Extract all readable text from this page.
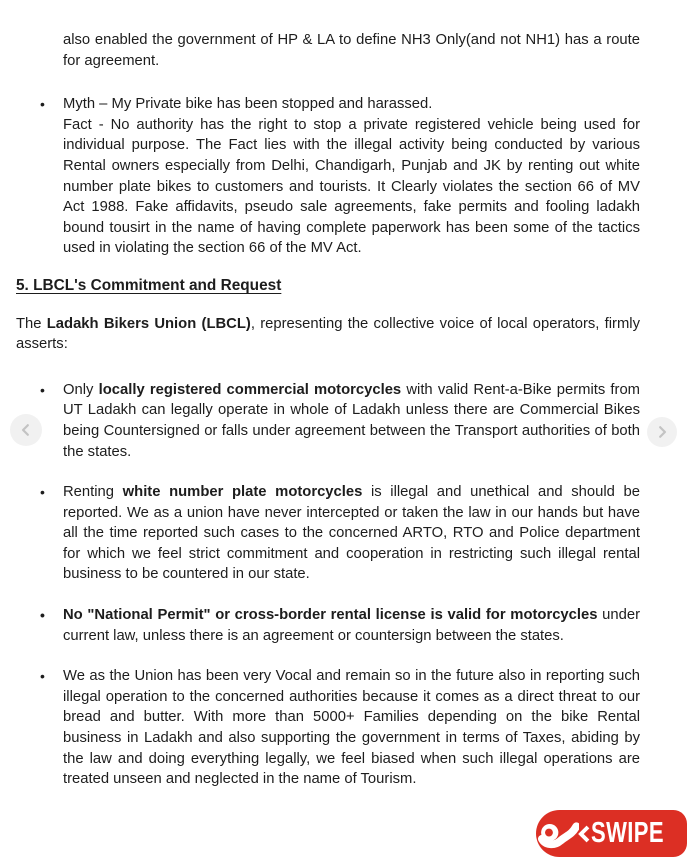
also enabled the government of HP & LA to define NH3 Only(and not NH1) has a route for agreement.

• Myth – My Private bike has been stopped and harassed.
Fact - No authority has the right to stop a private registered vehicle being used for individual purpose. The Fact lies with the illegal activity being conducted by various Rental owners especially from Delhi, Chandigarh, Punjab and JK by renting out white number plate bikes to customers and tourists. It Clearly violates the section 66 of MV Act 1988. Fake affidavits, pseudo sale agreements, fake permits and fooling ladakh bound tousirt in the name of having complete paperwork has been some of the tactics used in violating the section 66 of the MV Act.
5. LBCL's Commitment and Request

The Ladakh Bikers Union (LBCL), representing the collective voice of local operators, firmly asserts:

• Only locally registered commercial motorcycles with valid Rent-a-Bike permits from UT Ladakh can legally operate in whole of Ladakh unless there are Commercial Bikes being Countersigned or falls under agreement between the Transport authorities of both the states.
• Renting white number plate motorcycles is illegal and unethical and should be reported. We as a union have never intercepted or taken the law in our hands but have all the time reported such cases to the concerned ARTO, RTO and Police department for which we feel strict commitment and cooperation in restricting such illegal rental business to be countered in our state.
• No "National Permit" or cross-border rental license is valid for motorcycles under current law, unless there is an agreement or countersign between the states.
• We as the Union has been very Vocal and remain so in the future also in reporting such illegal operation to the concerned authorities because it comes as a direct threat to our bread and butter. With more than 5000+ Families depending on the bike Rental business in Ladakh and also supporting the government in terms of Taxes, abiding by the law and doing everything legally, we feel biased when such illegal operations are treated unseen and neglected in the name of Tourism.
SWIPE
